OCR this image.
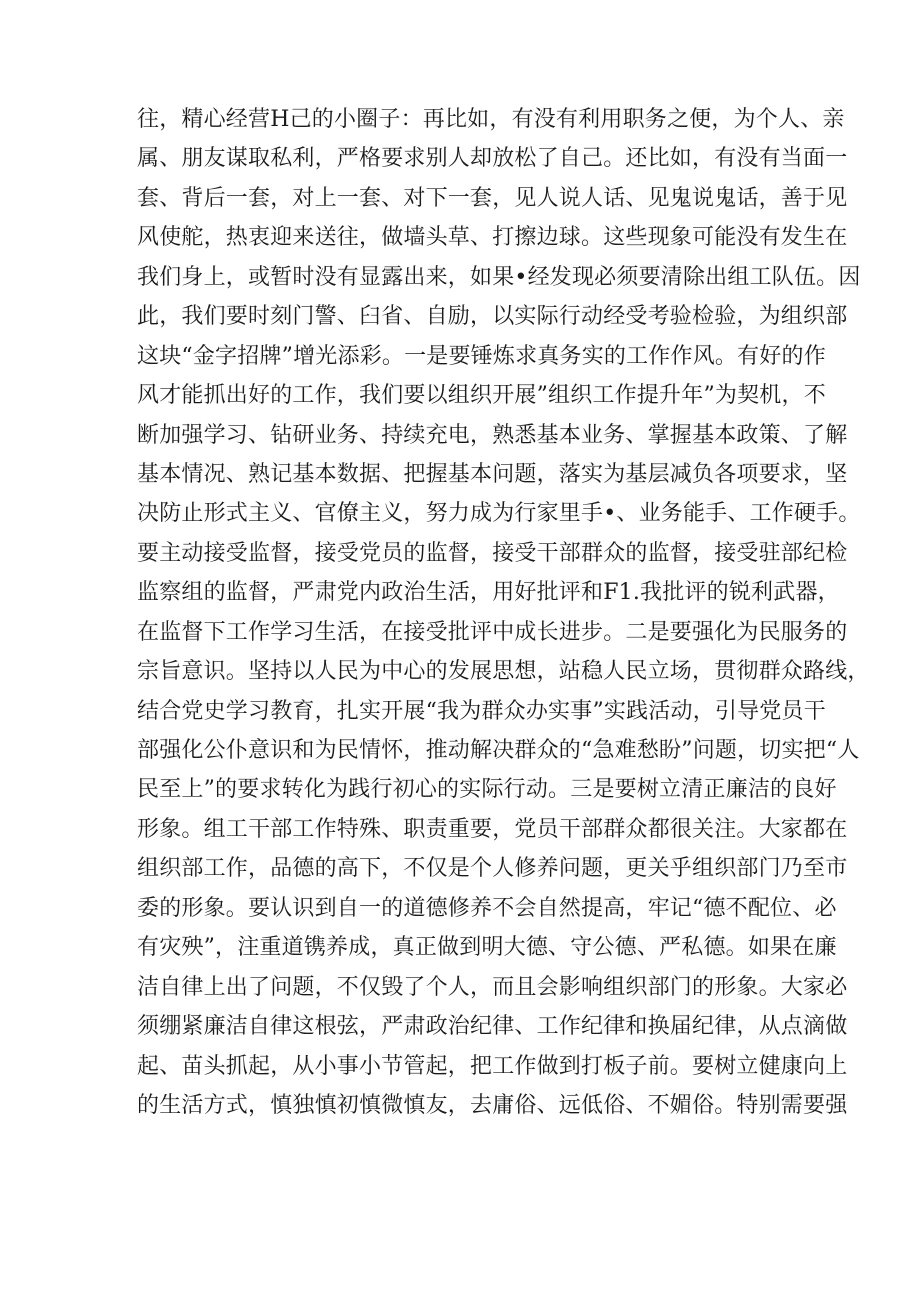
往，精心经营H己的小圈子：再比如，有没有利用职务之便，为个人、亲
属、朋友谋取私利，严格要求别人却放松了自己。还比如，有没有当面一
套、背后一套，对上一套、对下一套，见人说人话、见鬼说鬼话，善于见
风使舵，热衷迎来送往，做墙头草、打擦边球。这些现象可能没有发生在
我们身上，或暂时没有显露出来，如果•经发现必须要清除出组工队伍。因
此，我们要时刻门警、臼省、自励，以实际行动经受考验检验，为组织部
这块“金字招牌”增光添彩。一是要锤炼求真务实的工作作风。有好的作
风才能抓出好的工作，我们要以组织开展”组织工作提升年”为契机，不
断加强学习、钻研业务、持续充电，熟悉基本业务、掌握基本政策、了解
基本情况、熟记基本数据、把握基本问题，落实为基层减负各项要求，坚
决防止形式主义、官僚主义，努力成为行家里手•、业务能手、工作硬手。
要主动接受监督，接受党员的监督，接受干部群众的监督，接受驻部纪检
监察组的监督，严肃党内政治生活，用好批评和F1.我批评的锐利武器，
在监督下工作学习生活，在接受批评中成长进步。二是要强化为民服务的
宗旨意识。坚持以人民为中心的发展思想，站稳人民立场，贯彻群众路线，
结合党史学习教育，扎实开展“我为群众办实事”实践活动，引导党员干
部强化公仆意识和为民情怀，推动解决群众的“急难愁盼”问题，切实把“人
民至上”的要求转化为践行初心的实际行动。三是要树立清正廉洁的良好
形象。组工干部工作特殊、职责重要，党员干部群众都很关注。大家都在
组织部工作，品德的高下，不仅是个人修养问题，更关乎组织部门乃至市
委的形象。要认识到自一的道德修养不会自然提高，牢记“德不配位、必
有灾殃”，注重道镌养成，真正做到明大德、守公德、严私德。如果在廉
洁自律上出了问题，不仅毁了个人，而且会影响组织部门的形象。大家必
须绷紧廉洁自律这根弦，严肃政治纪律、工作纪律和换届纪律，从点滴做
起、苗头抓起，从小事小节管起，把工作做到打板子前。要树立健康向上
的生活方式，慎独慎初慎微慎友，去庸俗、远低俗、不媚俗。特别需要强
